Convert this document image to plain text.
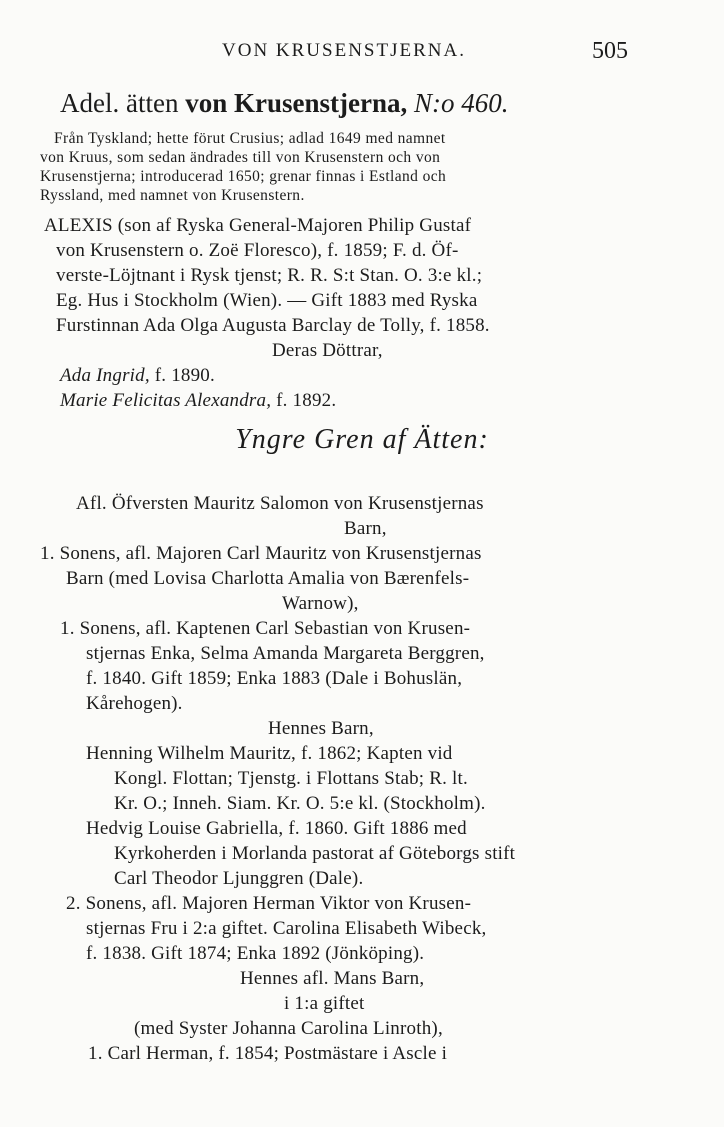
VON KRUSENSTJERNA.	505
Adel. ätten von Krusenstjerna, N:o 460.
Från Tyskland; hette förut Crusius; adlad 1649 med namnet
von Kruus, som sedan ändrades till von Krusenstern och von
Krusenstjerna; introducerad 1650; grenar finnas i Estland och
Ryssland, med namnet von Krusenstern.
ALEXIS (son af Ryska General-Majoren Philip Gustaf
von Krusenstern o. Zoë Floresco), f. 1859; F. d. Öf-
verste-Löjtnant i Rysk tjenst; R. R. S:t Stan. O. 3:e kl.;
Eg. Hus i Stockholm (Wien). — Gift 1883 med Ryska
Furstinnan Ada Olga Augusta Barclay de Tolly, f. 1858.
Deras Döttrar,
Ada Ingrid, f. 1890.
Marie Felicitas Alexandra, f. 1892.
Yngre Gren af Ätten:
Afl. Öfversten Mauritz Salomon von Krusenstjernas
Barn,
1. Sonens, afl. Majoren Carl Mauritz von Krusenstjernas
Barn (med Lovisa Charlotta Amalia von Bærenfels-
Warnow),
1. Sonens, afl. Kaptenen Carl Sebastian von Krusen-
stjernas Enka, Selma Amanda Margareta Berggren,
f. 1840. Gift 1859; Enka 1883 (Dale i Bohuslän,
Kårehogen).
Hennes Barn,
Henning Wilhelm Mauritz, f. 1862; Kapten vid
Kongl. Flottan; Tjenstg. i Flottans Stab; R. lt.
Kr. O.; Inneh. Siam. Kr. O. 5:e kl. (Stockholm).
Hedvig Louise Gabriella, f. 1860. Gift 1886 med
Kyrkoherden i Morlanda pastorat af Göteborgs stift
Carl Theodor Ljunggren (Dale).
2. Sonens, afl. Majoren Herman Viktor von Krusen-
stjernas Fru i 2:a giftet. Carolina Elisabeth Wibeck,
f. 1838. Gift 1874; Enka 1892 (Jönköping).
Hennes afl. Mans Barn,
i 1:a giftet
(med Syster Johanna Carolina Linroth),
1. Carl Herman, f. 1854; Postmästare i Ascle i
